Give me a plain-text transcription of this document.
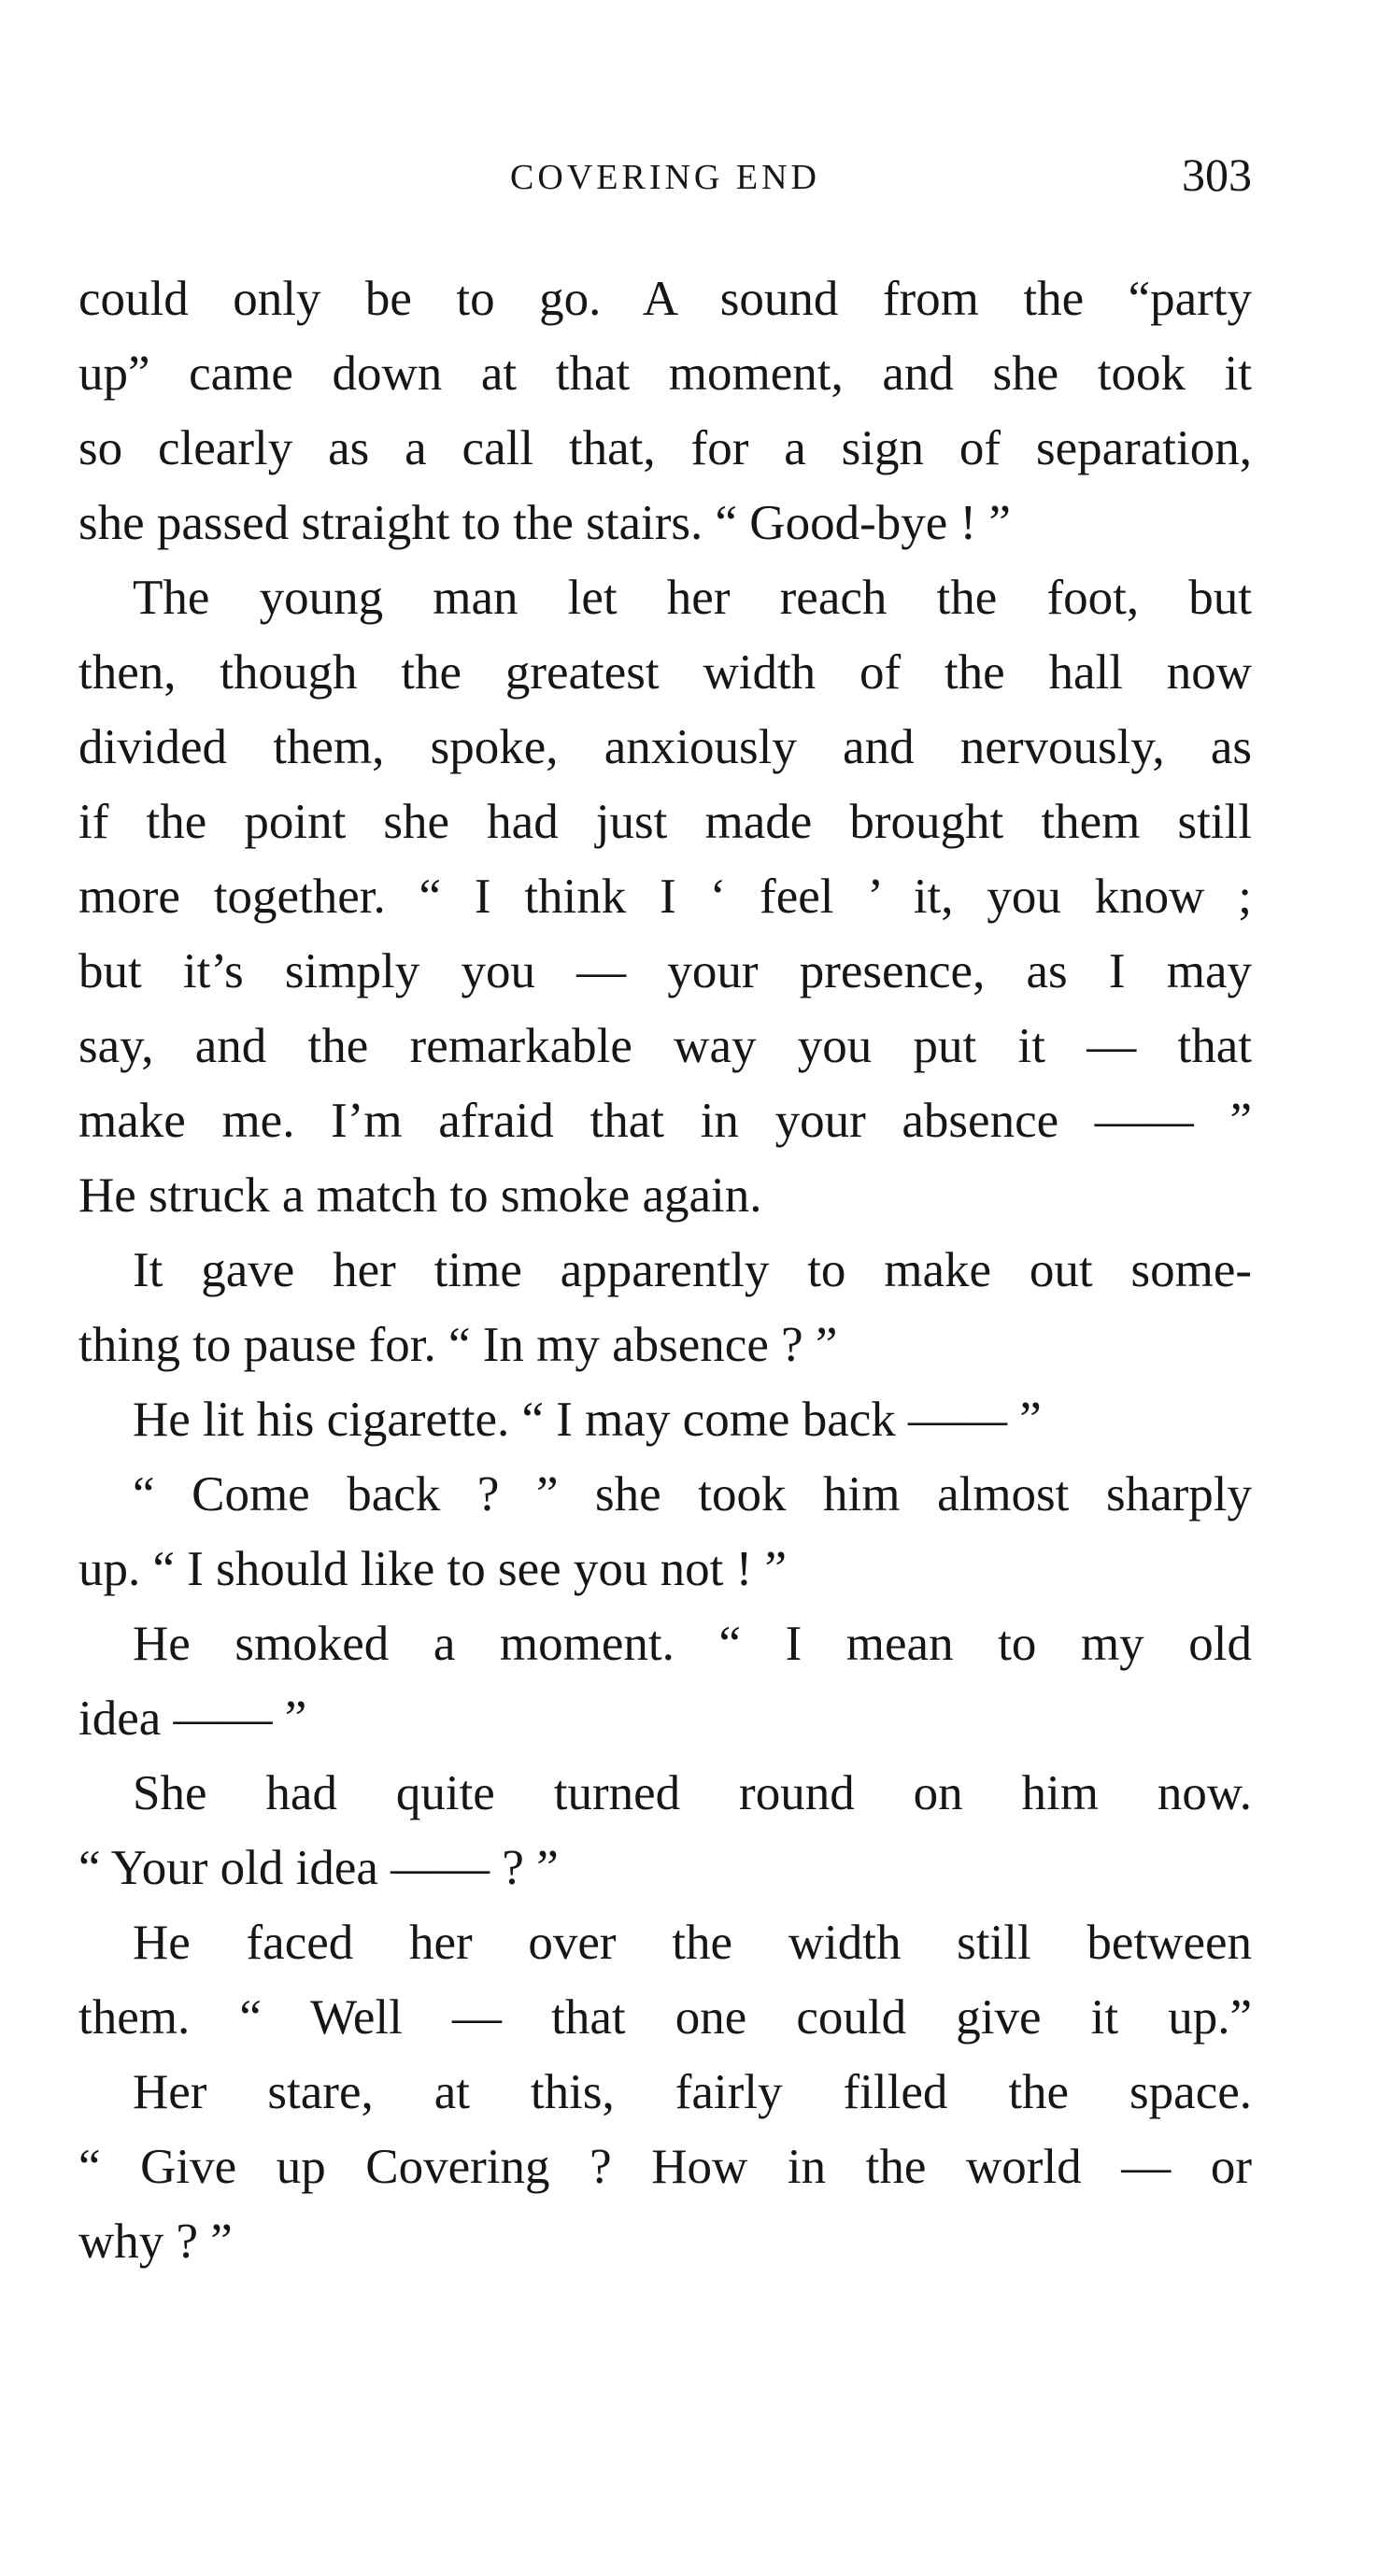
COVERING END	303
could only be to go. A sound from the “party
up” came down at that moment, and she took it
so clearly as a call that, for a sign of separation,
she passed straight to the stairs. “ Good-bye ! ”
The young man let her reach the foot, but
then, though the greatest width of the hall now
divided them, spoke, anxiously and nervously, as
if the point she had just made brought them still
more together. “ I think I ‘ feel ’ it, you know ;
but it’s simply you — your presence, as I may
say, and the remarkable way you put it — that
make me. I’m afraid that in your absence —— ”
He struck a match to smoke again.
It gave her time apparently to make out some-
thing to pause for. “ In my absence ? ”
He lit his cigarette. “ I may come back —— ”
“ Come back ? ” she took him almost sharply
up. “ I should like to see you not ! ”
He smoked a moment. “ I mean to my old
idea —— ”
She had quite turned round on him now.
“ Your old idea —— ? ”
He faced her over the width still between
them. “ Well — that one could give it up.”
Her stare, at this, fairly filled the space.
“ Give up Covering ? How in the world — or
why ? ”
